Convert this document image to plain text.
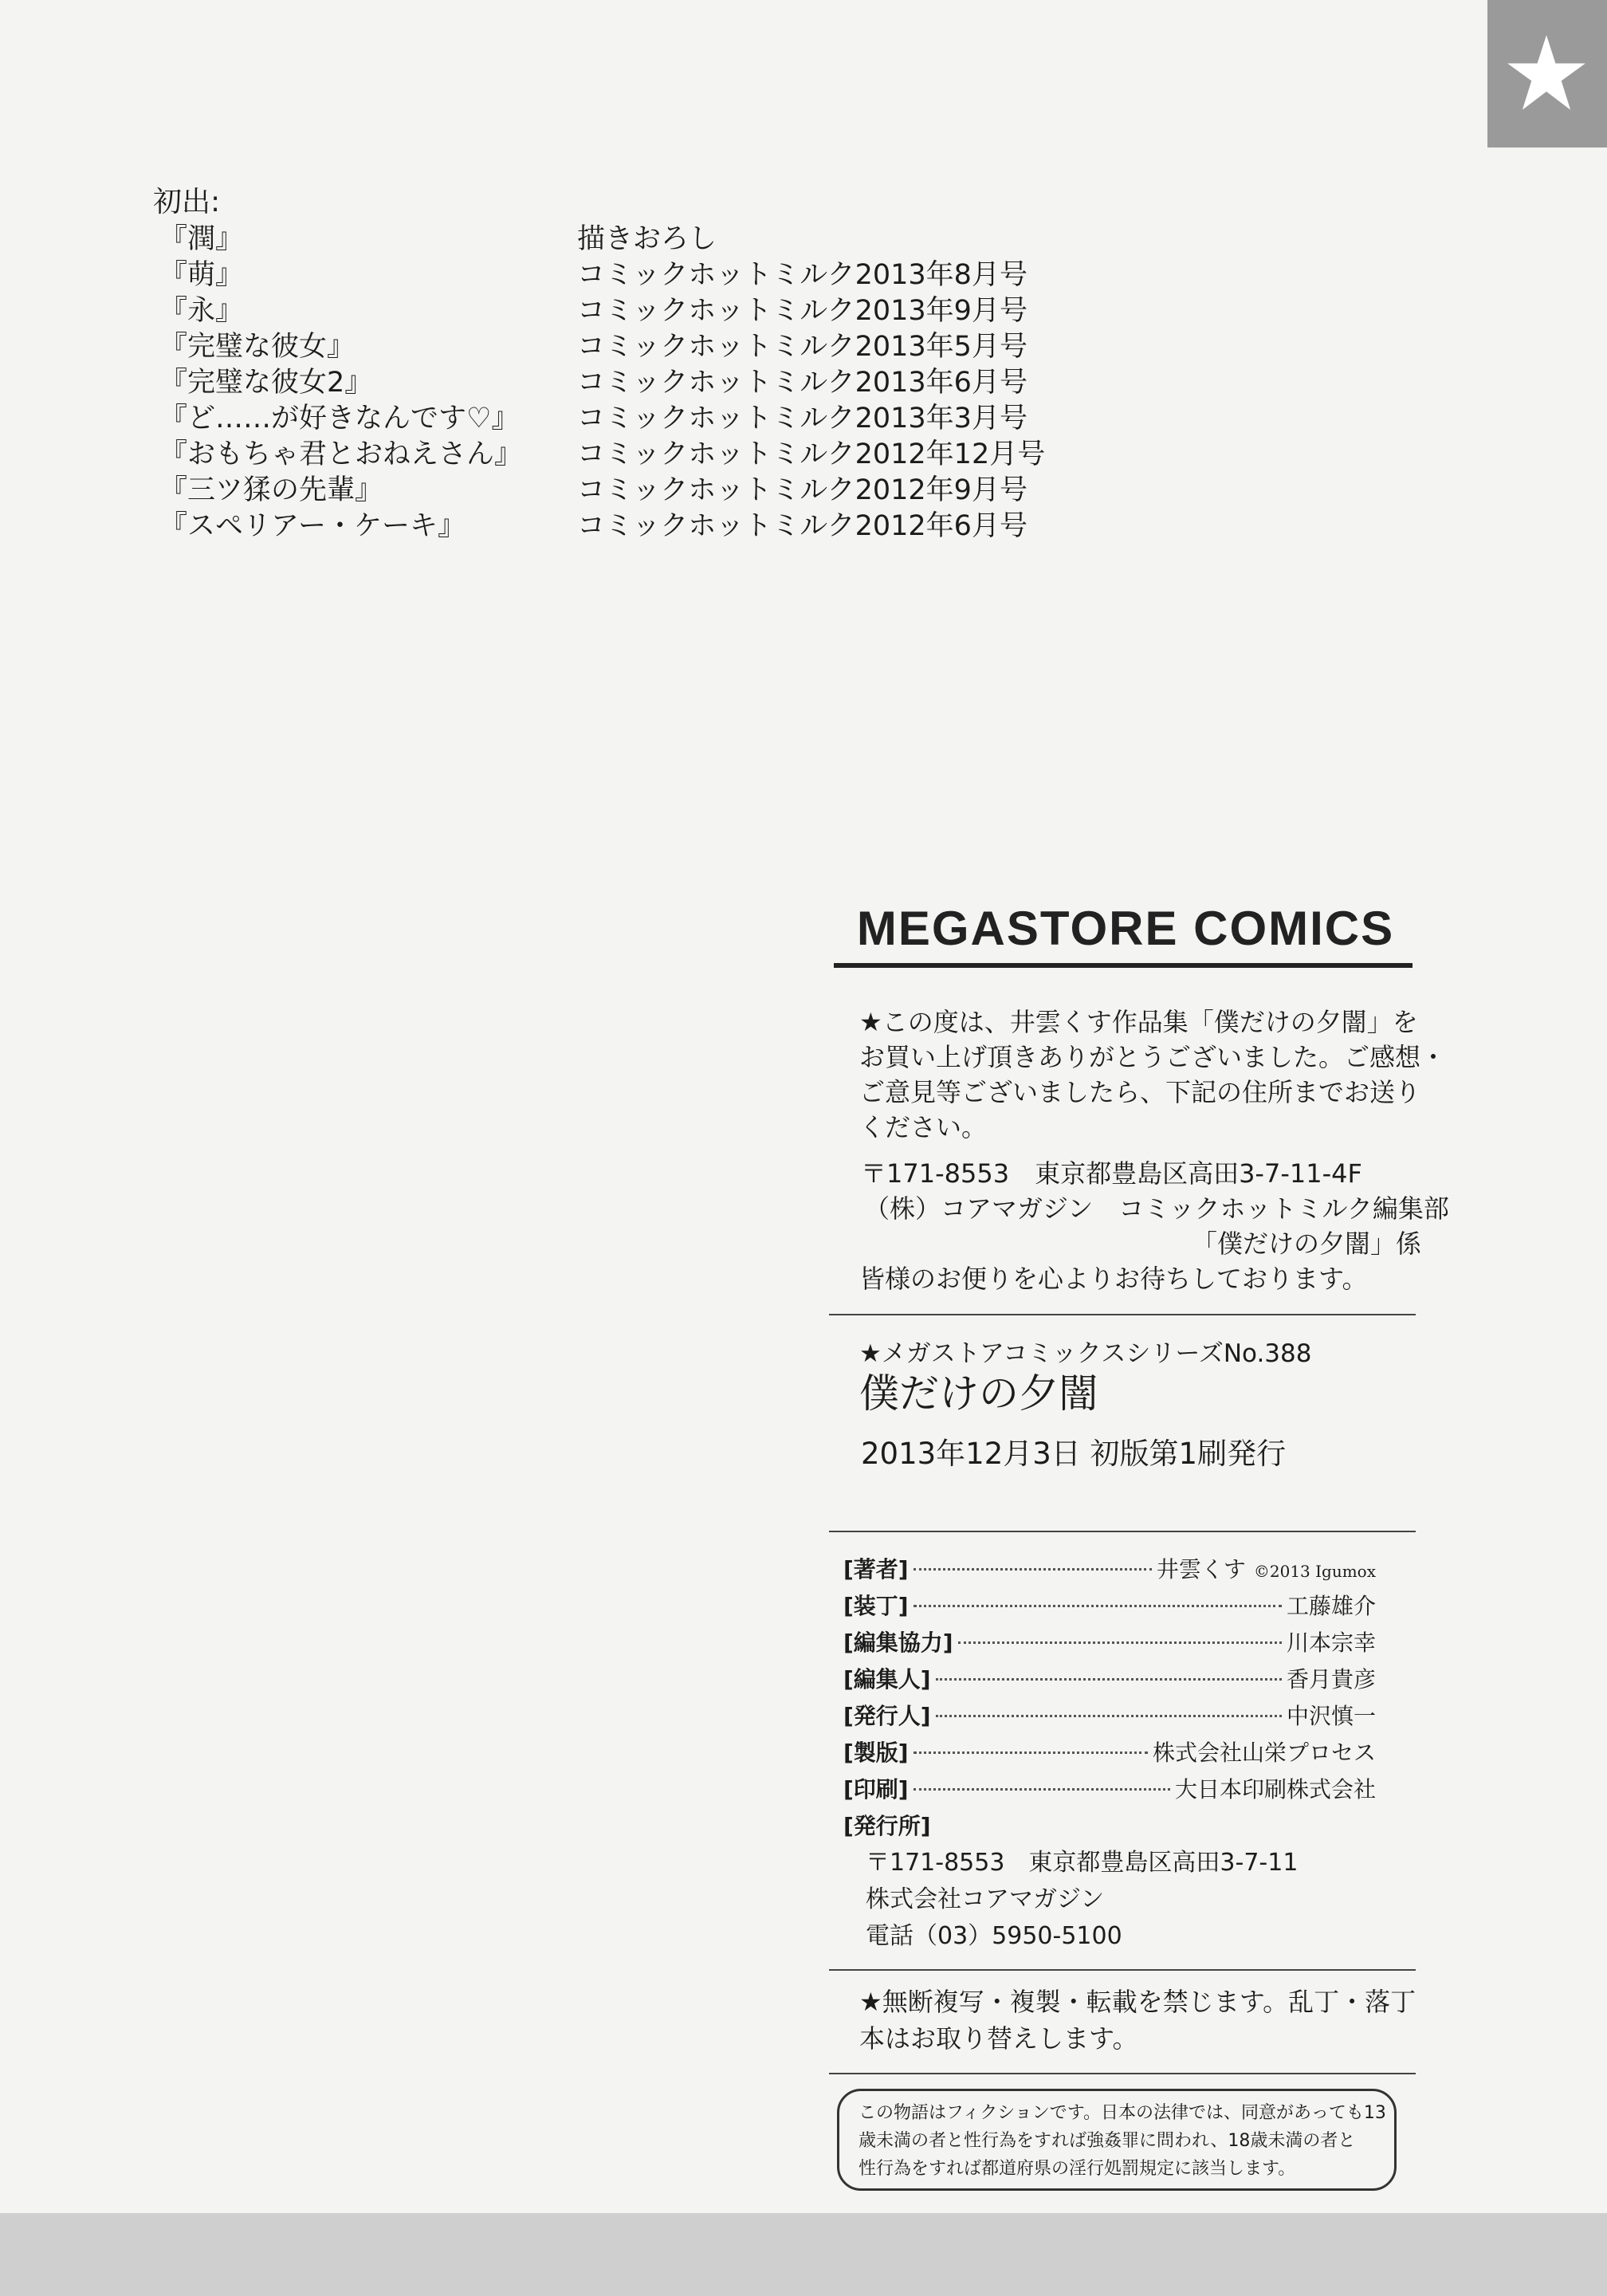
初出:
『潤』	描きおろし
『萌』	コミックホットミルク2013年8月号
『永』	コミックホットミルク2013年9月号
『完璧な彼女』	コミックホットミルク2013年5月号
『完璧な彼女2』	コミックホットミルク2013年6月号
『ど……が好きなんです♡』 コミックホットミルク2013年3月号
『おもちゃ君とおねえさん』 コミックホットミルク2012年12月号
『三ツ猱の先輩』	コミックホットミルク2012年9月号
『スペリアー・ケーキ』	コミックホットミルク2012年6月号
MEGASTORE COMICS
★この度は、井雲くす作品集「僕だけの夕闇」を
お買い上げ頂きありがとうございました。ご感想・
ご意見等ございましたら、下記の住所までお送り
ください。
〒171-8553　東京都豊島区高田3-7-11-4F
（株）コアマガジン　コミックホットミルク編集部
「僕だけの夕闇」係
皆様のお便りを心よりお待ちしております。
★メガストアコミックスシリーズNo.388
僕だけの夕闇
2013年12月3日 初版第1刷発行
[著者]	井雲くす ©2013 Igumox
[装丁]	工藤雄介
[編集協力]	川本宗幸
[編集人]	香月貴彦
[発行人]	中沢慎一
[製版]	株式会社山栄プロセス
[印刷]	大日本印刷株式会社
[発行所]
〒171-8553　東京都豊島区高田3-7-11
株式会社コアマガジン
電話（03）5950-5100
★無断複写・複製・転載を禁じます。乱丁・落丁
本はお取り替えします。
この物語はフィクションです。日本の法律では、同意があっても13
歳未満の者と性行為をすれば強姦罪に問われ、18歳未満の者と
性行為をすれば都道府県の淫行処罰規定に該当します。
